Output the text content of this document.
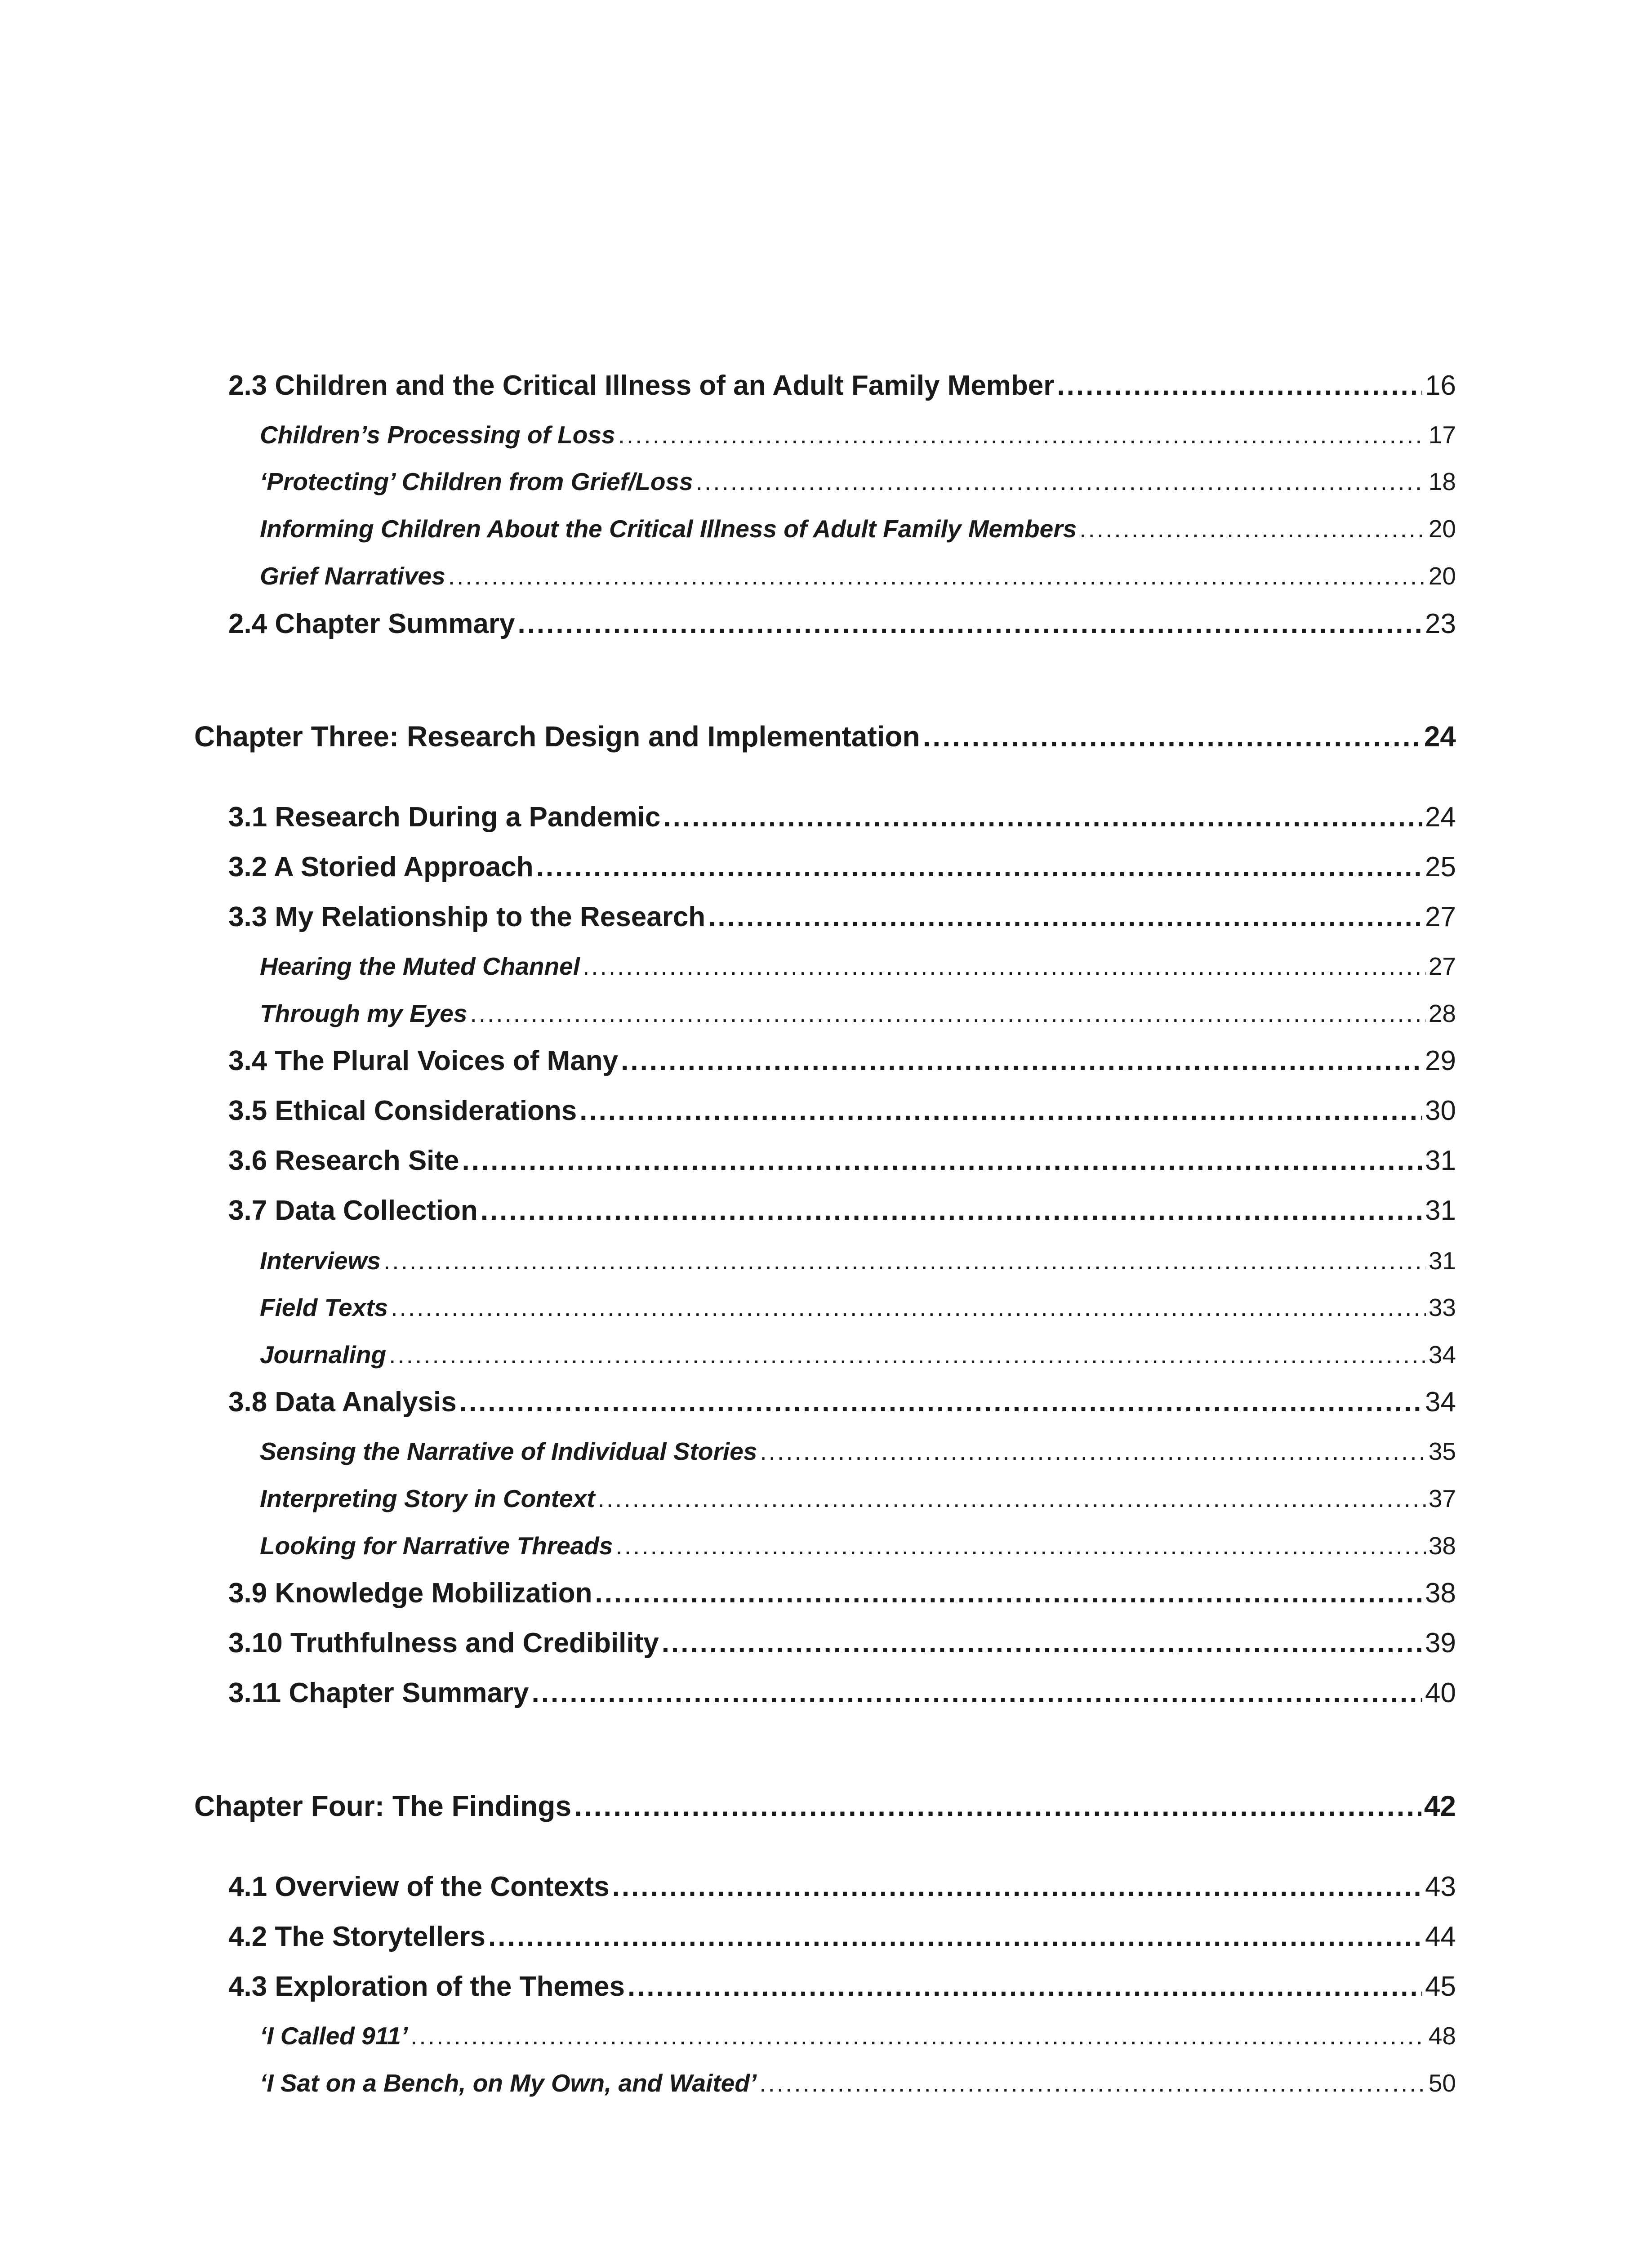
2.3 Children and the Critical Illness of an Adult Family Member .....	16
Children’s Processing of Loss .....	17
‘Protecting’ Children from Grief/Loss .....	18
Informing Children About the Critical Illness of Adult Family Members .....	20
Grief Narratives .....	20
2.4 Chapter Summary .....	23
Chapter Three: Research Design and Implementation .....	24
3.1 Research During a Pandemic .....	24
3.2 A Storied Approach .....	25
3.3 My Relationship to the Research .....	27
Hearing the Muted Channel .....	27
Through my Eyes .....	28
3.4 The Plural Voices of Many .....	29
3.5 Ethical Considerations .....	30
3.6 Research Site .....	31
3.7 Data Collection .....	31
Interviews .....	31
Field Texts .....	33
Journaling .....	34
3.8 Data Analysis .....	34
Sensing the Narrative of Individual Stories .....	35
Interpreting Story in Context .....	37
Looking for Narrative Threads .....	38
3.9 Knowledge Mobilization .....	38
3.10 Truthfulness and Credibility .....	39
3.11 Chapter Summary .....	40
Chapter Four: The Findings .....	42
4.1 Overview of the Contexts .....	43
4.2 The Storytellers .....	44
4.3 Exploration of the Themes .....	45
‘I Called 911’ .....	48
‘I Sat on a Bench, on My Own, and Waited’ .....	50
